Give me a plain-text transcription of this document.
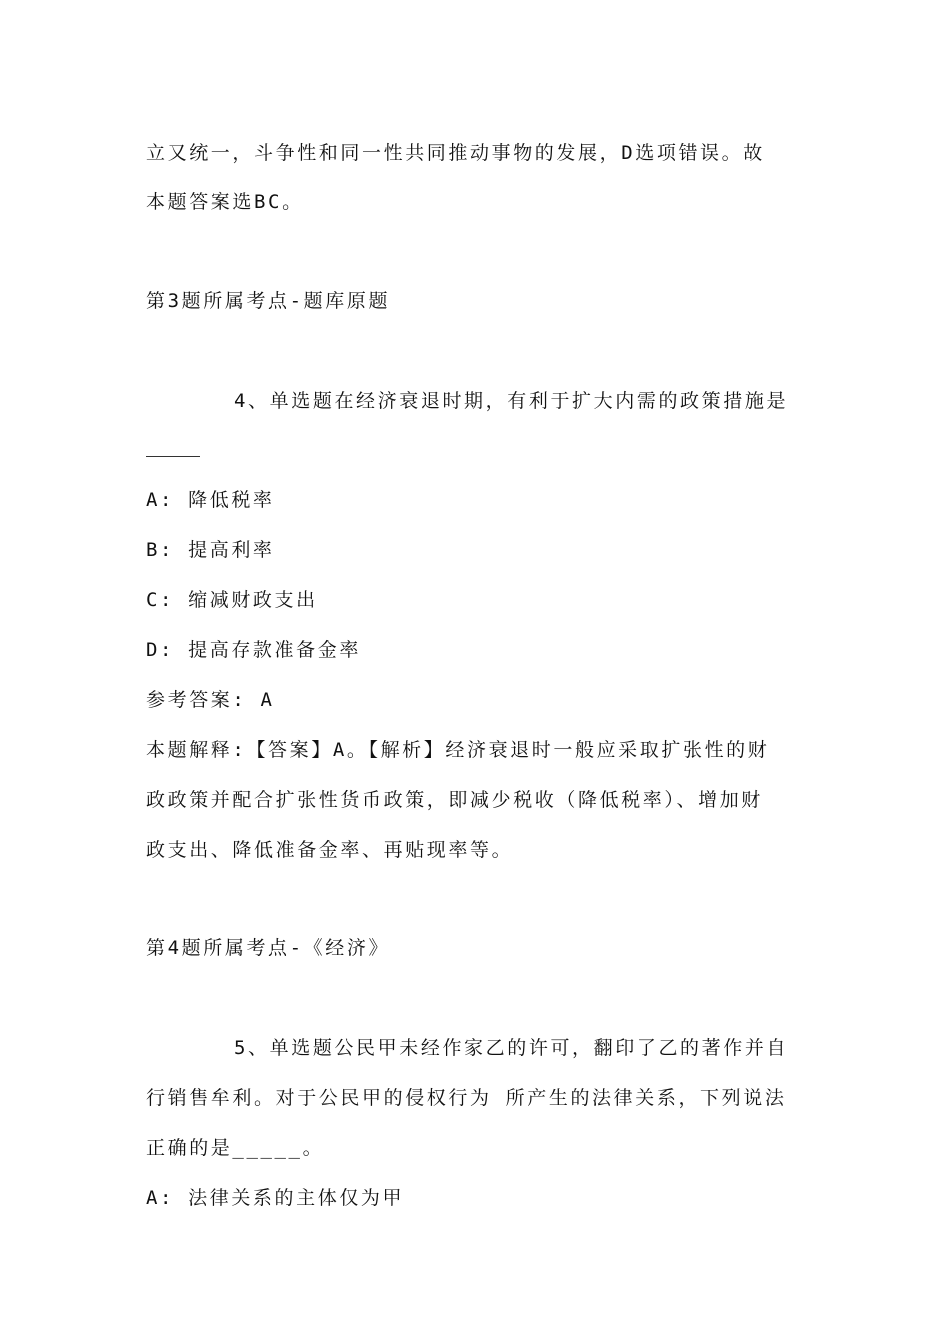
立又统一，斗争性和同一性共同推动事物的发展，D选项错误。故

本题答案选BC。

第3题所属考点-题库原题

4、单选题在经济衰退时期，有利于扩大内需的政策措施是

A: 降低税率

B: 提高利率

C: 缩减财政支出

D: 提高存款准备金率

参考答案: A

本题解释:【答案】A。【解析】经济衰退时一般应采取扩张性的财

政政策并配合扩张性货币政策，即减少税收（降低税率）、增加财

政支出、降低准备金率、再贴现率等。

第4题所属考点-《经济》

5、单选题公民甲未经作家乙的许可，翻印了乙的著作并自

行销售牟利。对于公民甲的侵权行为 所产生的法律关系，下列说法

正确的是_____。

A: 法律关系的主体仅为甲
